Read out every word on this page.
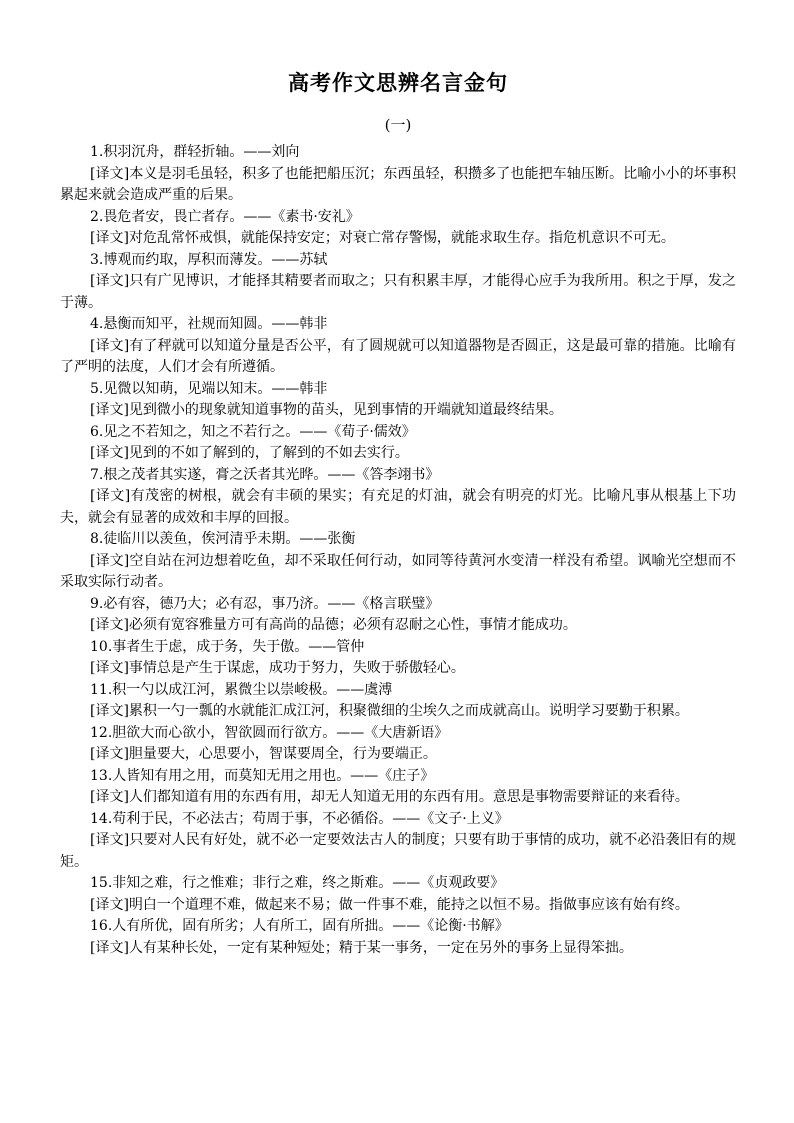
高考作文思辨名言金句

(一)

1.积羽沉舟，群轻折轴。——刘向

[译文]本义是羽毛虽轻，积多了也能把船压沉；东西虽轻，积攒多了也能把车轴压断。比喻小小的坏事积累起来就会造成严重的后果。

2.畏危者安，畏亡者存。——《素书·安礼》

[译文]对危乱常怀戒惧，就能保持安定；对衰亡常存警惕，就能求取生存。指危机意识不可无。

3.博观而约取，厚积而薄发。——苏轼

[译文]只有广见博识，才能择其精要者而取之；只有积累丰厚，才能得心应手为我所用。积之于厚，发之于薄。

4.悬衡而知平，社规而知圆。——韩非

[译文]有了秤就可以知道分量是否公平，有了圆规就可以知道器物是否圆正，这是最可靠的措施。比喻有了严明的法度，人们才会有所遵循。

5.见微以知萌，见端以知末。——韩非

[译文]见到微小的现象就知道事物的苗头，见到事情的开端就知道最终结果。

6.见之不若知之，知之不若行之。——《荀子·儒效》

[译文]见到的不如了解到的，了解到的不如去实行。

7.根之茂者其实遂，膏之沃者其光晔。——《答李翊书》

[译文]有茂密的树根，就会有丰硕的果实；有充足的灯油，就会有明亮的灯光。比喻凡事从根基上下功夫，就会有显著的成效和丰厚的回报。

8.徒临川以羡鱼，俟河清乎未期。——张衡

[译文]空自站在河边想着吃鱼，却不采取任何行动，如同等待黄河水变清一样没有希望。讽喻光空想而不采取实际行动者。

9.必有容，德乃大；必有忍，事乃济。——《格言联璧》

[译文]必须有宽容雅量方可有高尚的品德；必须有忍耐之心性，事情才能成功。

10.事者生于虑，成于务，失于傲。——管仲

[译文]事情总是产生于谋虑，成功于努力，失败于骄傲轻心。

11.积一勺以成江河，累微尘以崇峻极。——虞溥

[译文]累积一勺一瓢的水就能汇成江河，积聚微细的尘埃久之而成就高山。说明学习要勤于积累。

12.胆欲大而心欲小，智欲圆而行欲方。——《大唐新语》

[译文]胆量要大，心思要小，智谋要周全，行为要端正。

13.人皆知有用之用，而莫知无用之用也。——《庄子》

[译文]人们都知道有用的东西有用，却无人知道无用的东西有用。意思是事物需要辩证的来看待。

14.苟利于民，不必法古；苟周于事，不必循俗。——《文子·上义》

[译文]只要对人民有好处，就不必一定要效法古人的制度；只要有助于事情的成功，就不必沿袭旧有的规矩。

15.非知之难，行之惟难；非行之难，终之斯难。——《贞观政要》

[译文]明白一个道理不难，做起来不易；做一件事不难，能持之以恒不易。指做事应该有始有终。

16.人有所优，固有所劣；人有所工，固有所拙。——《论衡·书解》

[译文]人有某种长处，一定有某种短处；精于某一事务，一定在另外的事务上显得笨拙。
